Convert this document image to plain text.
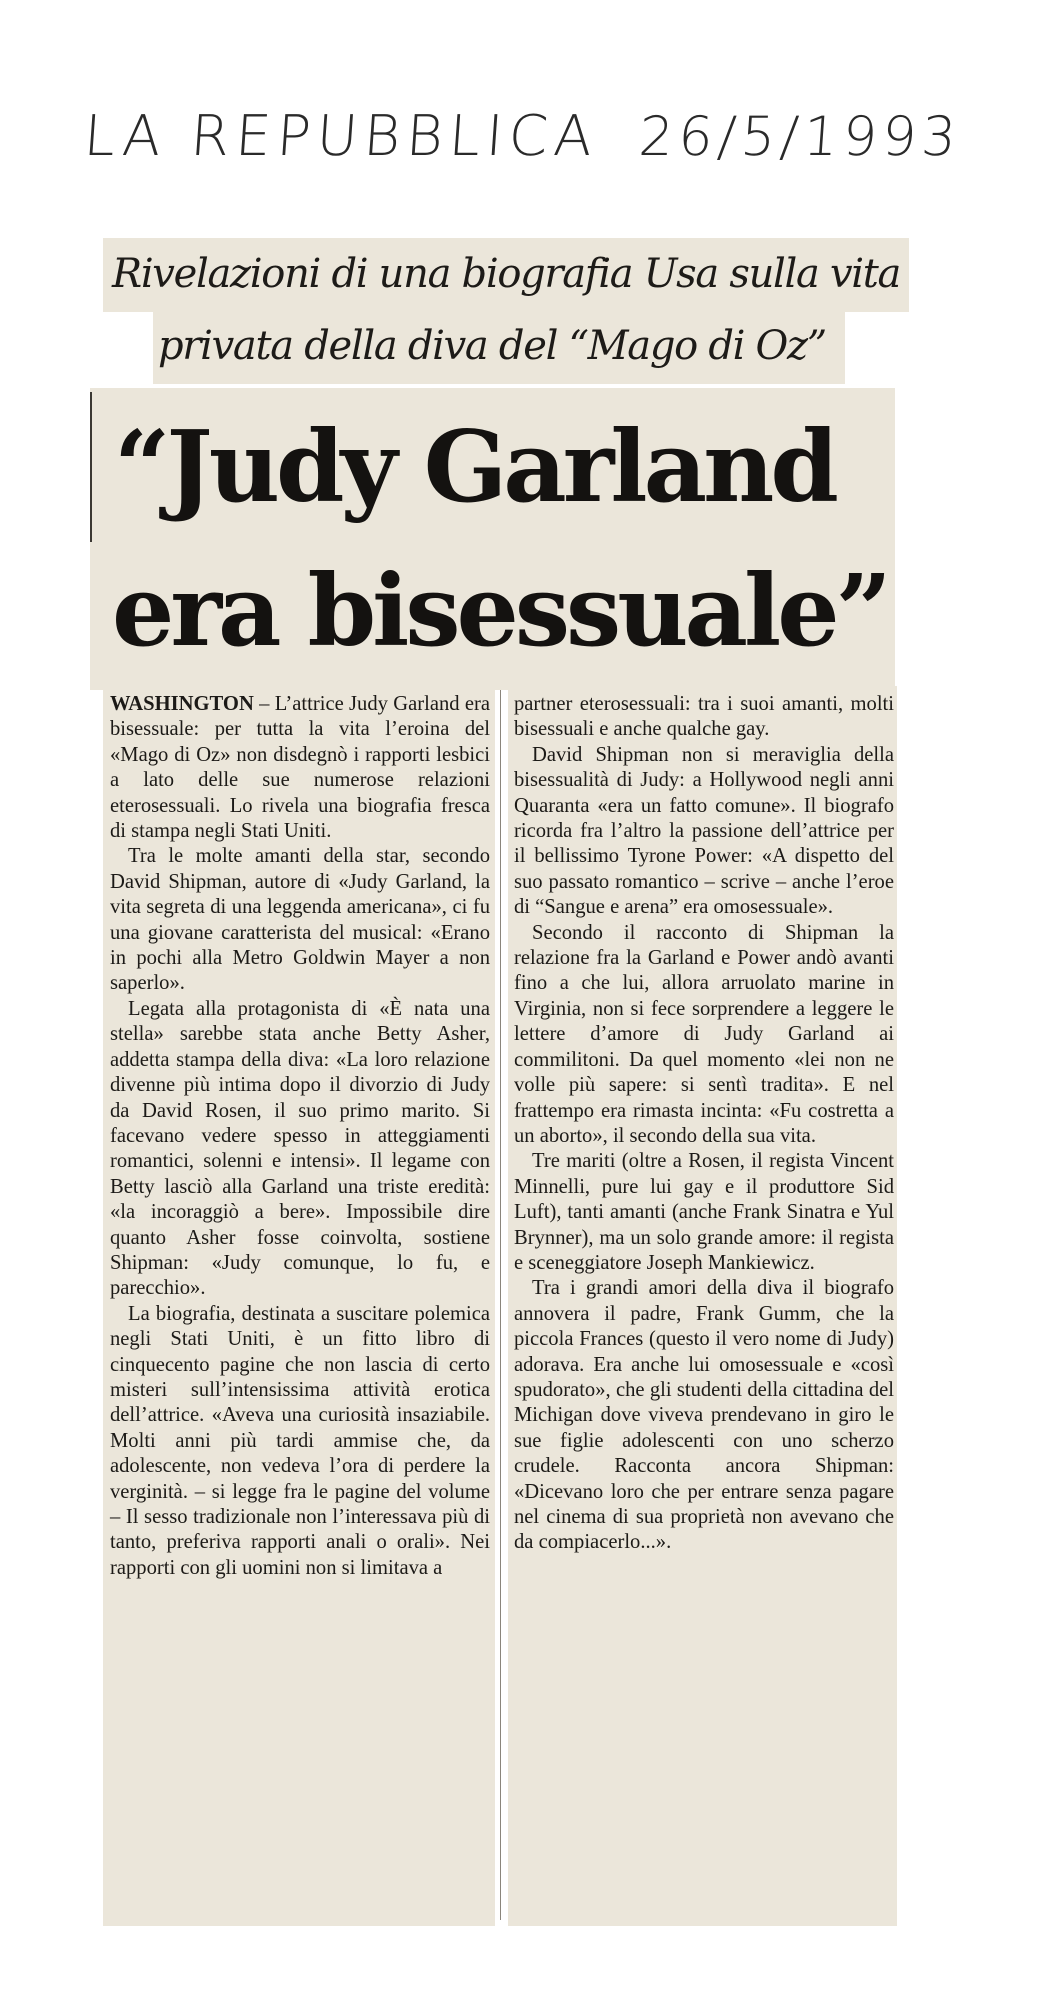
LA REPUBBLICA 26/5/1993
Rivelazioni di una biografia Usa sulla vita
privata della diva del “Mago di Oz”
“Judy Garland
era bisessuale”

WASHINGTON – L’attrice Judy Garland era bisessuale: per tutta la vita l’eroina del «Mago di Oz» non disdegnò i rapporti lesbici a lato delle sue numerose relazioni eterosessuali. Lo rivela una biografia fresca di stampa negli Stati Uniti.

Tra le molte amanti della star, secondo David Shipman, autore di «Judy Garland, la vita segreta di una leggenda americana», ci fu una giovane caratterista del musical: «Erano in pochi alla Metro Goldwin Mayer a non saperlo».

Legata alla protagonista di «È nata una stella» sarebbe stata anche Betty Asher, addetta stampa della diva: «La loro relazione divenne più intima dopo il divorzio di Judy da David Rosen, il suo primo marito. Si facevano vedere spesso in atteggiamenti romantici, solenni e intensi». Il legame con Betty lasciò alla Garland una triste eredità: «la incoraggiò a bere». Impossibile dire quanto Asher fosse coinvolta, sostiene Shipman: «Judy comunque, lo fu, e parecchio».

La biografia, destinata a suscitare polemica negli Stati Uniti, è un fitto libro di cinquecento pagine che non lascia di certo misteri sull’intensissima attività erotica dell’attrice. «Aveva una curiosità insaziabile. Molti anni più tardi ammise che, da adolescente, non vedeva l’ora di perdere la verginità. – si legge fra le pagine del volume – Il sesso tradizionale non l’interessava più di tanto, preferiva rapporti anali o orali». Nei rapporti con gli uomini non si limitava a

partner eterosessuali: tra i suoi amanti, molti bisessuali e anche qualche gay.

David Shipman non si meraviglia della bisessualità di Judy: a Hollywood negli anni Quaranta «era un fatto comune». Il biografo ricorda fra l’altro la passione dell’attrice per il bellissimo Tyrone Power: «A dispetto del suo passato romantico – scrive – anche l’eroe di “Sangue e arena” era omosessuale».

Secondo il racconto di Shipman la relazione fra la Garland e Power andò avanti fino a che lui, allora arruolato marine in Virginia, non si fece sorprendere a leggere le lettere d’amore di Judy Garland ai commilitoni. Da quel momento «lei non ne volle più sapere: si sentì tradita». E nel frattempo era rimasta incinta: «Fu costretta a un aborto», il secondo della sua vita.

Tre mariti (oltre a Rosen, il regista Vincent Minnelli, pure lui gay e il produttore Sid Luft), tanti amanti (anche Frank Sinatra e Yul Brynner), ma un solo grande amore: il regista e sceneggiatore Joseph Mankiewicz.

Tra i grandi amori della diva il biografo annovera il padre, Frank Gumm, che la piccola Frances (questo il vero nome di Judy) adorava. Era anche lui omosessuale e «così spudorato», che gli studenti della cittadina del Michigan dove viveva prendevano in giro le sue figlie adolescenti con uno scherzo crudele. Racconta ancora Shipman: «Dicevano loro che per entrare senza pagare nel cinema di sua proprietà non avevano che da compiacerlo...».
